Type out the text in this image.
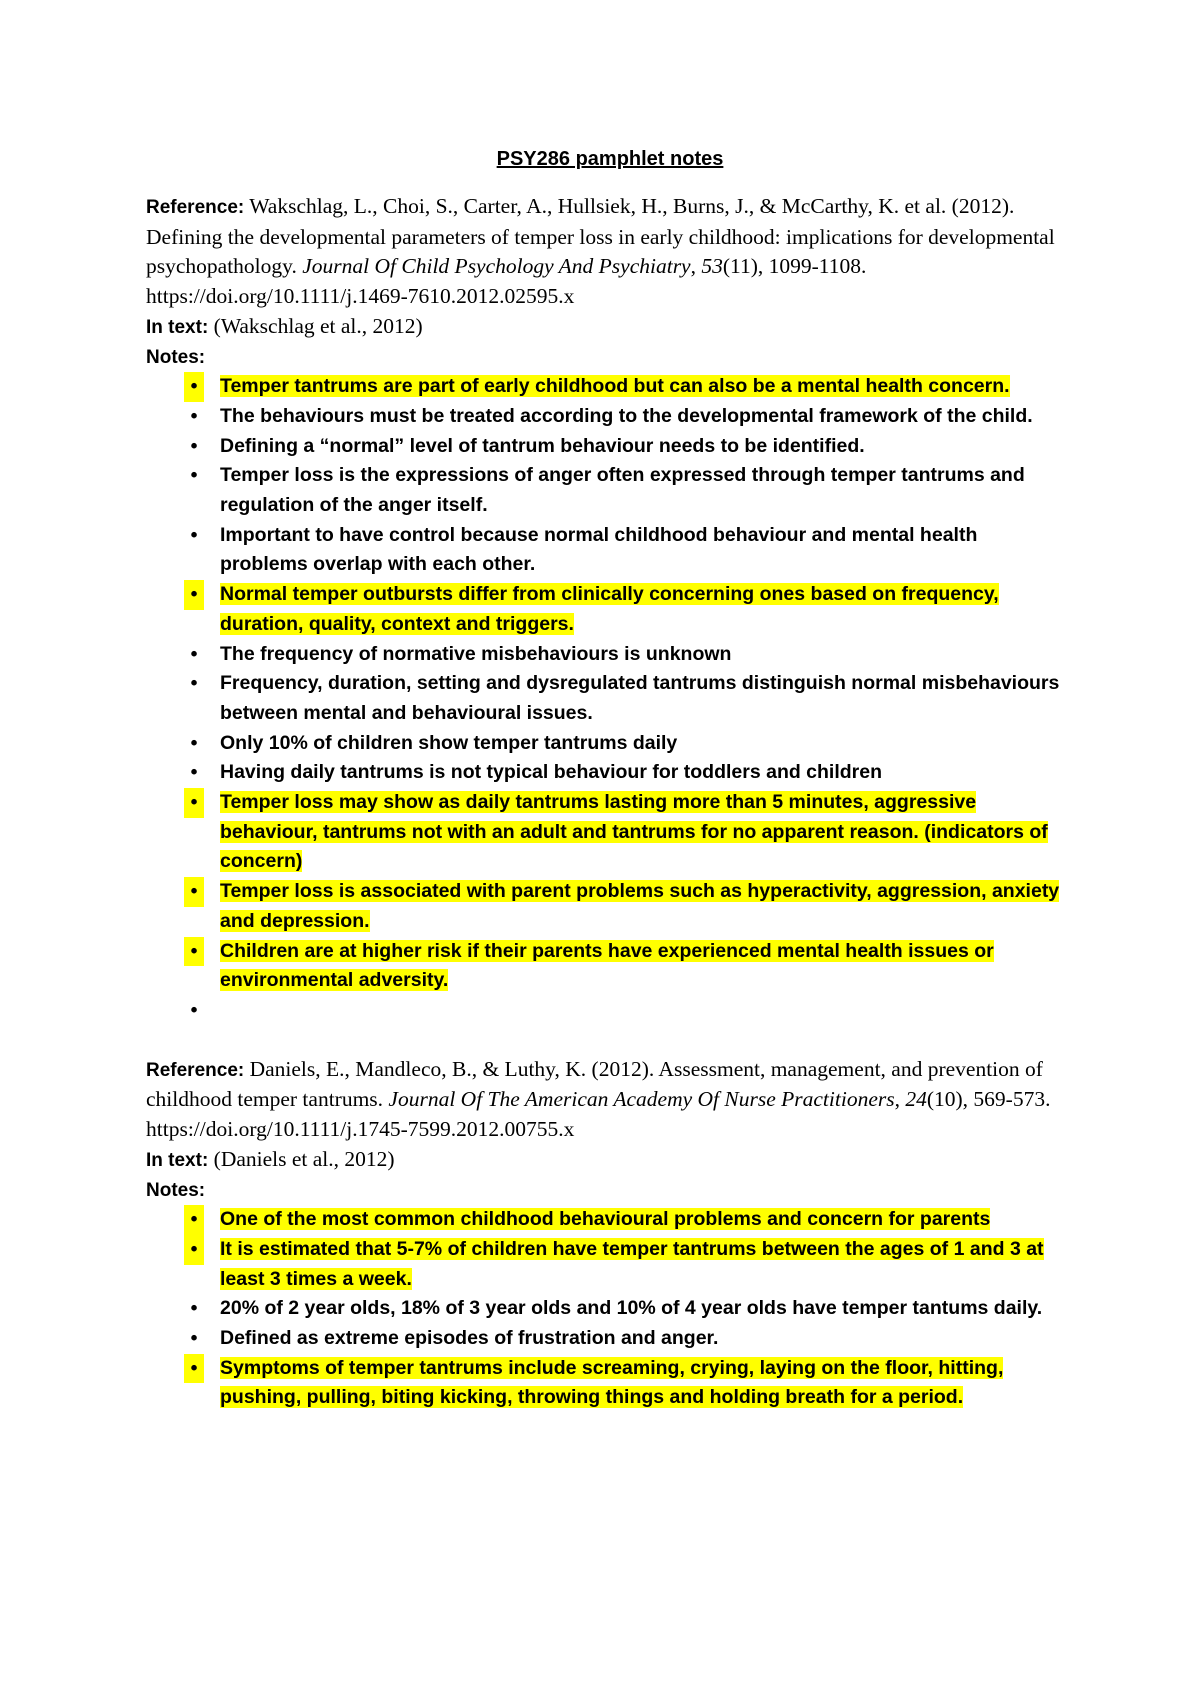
PSY286 pamphlet notes

Reference: Wakschlag, L., Choi, S., Carter, A., Hullsiek, H., Burns, J., & McCarthy, K. et al. (2012). Defining the developmental parameters of temper loss in early childhood: implications for developmental psychopathology. Journal Of Child Psychology And Psychiatry, 53(11), 1099-1108. https://doi.org/10.1111/j.1469-7610.2012.02595.x

In text: (Wakschlag et al., 2012)

Notes:

•	Temper tantrums are part of early childhood but can also be a mental health concern.
•	The behaviours must be treated according to the developmental framework of the child.
•	Defining a “normal” level of tantrum behaviour needs to be identified.
•	Temper loss is the expressions of anger often expressed through temper tantrums and regulation of the anger itself.
•	Important to have control because normal childhood behaviour and mental health problems overlap with each other.
•	Normal temper outbursts differ from clinically concerning ones based on frequency, duration, quality, context and triggers.
•	The frequency of normative misbehaviours is unknown
•	Frequency, duration, setting and dysregulated tantrums distinguish normal misbehaviours between mental and behavioural issues.
•	Only 10% of children show temper tantrums daily
•	Having daily tantrums is not typical behaviour for toddlers and children
•	Temper loss may show as daily tantrums lasting more than 5 minutes, aggressive behaviour, tantrums not with an adult and tantrums for no apparent reason. (indicators of concern)
•	Temper loss is associated with parent problems such as hyperactivity, aggression, anxiety and depression.
•	Children are at higher risk if their parents have experienced mental health issues or environmental adversity.
•

Reference: Daniels, E., Mandleco, B., & Luthy, K. (2012). Assessment, management, and prevention of childhood temper tantrums. Journal Of The American Academy Of Nurse Practitioners, 24(10), 569-573. https://doi.org/10.1111/j.1745-7599.2012.00755.x

In text: (Daniels et al., 2012)

Notes:

•	One of the most common childhood behavioural problems and concern for parents
•	It is estimated that 5-7% of children have temper tantrums between the ages of 1 and 3 at least 3 times a week.
•	20% of 2 year olds, 18% of 3 year olds and 10% of 4 year olds have temper tantums daily.
•	Defined as extreme episodes of frustration and anger.
•	Symptoms of temper tantrums include screaming, crying, laying on the floor, hitting, pushing, pulling, biting kicking, throwing things and holding breath for a period.
